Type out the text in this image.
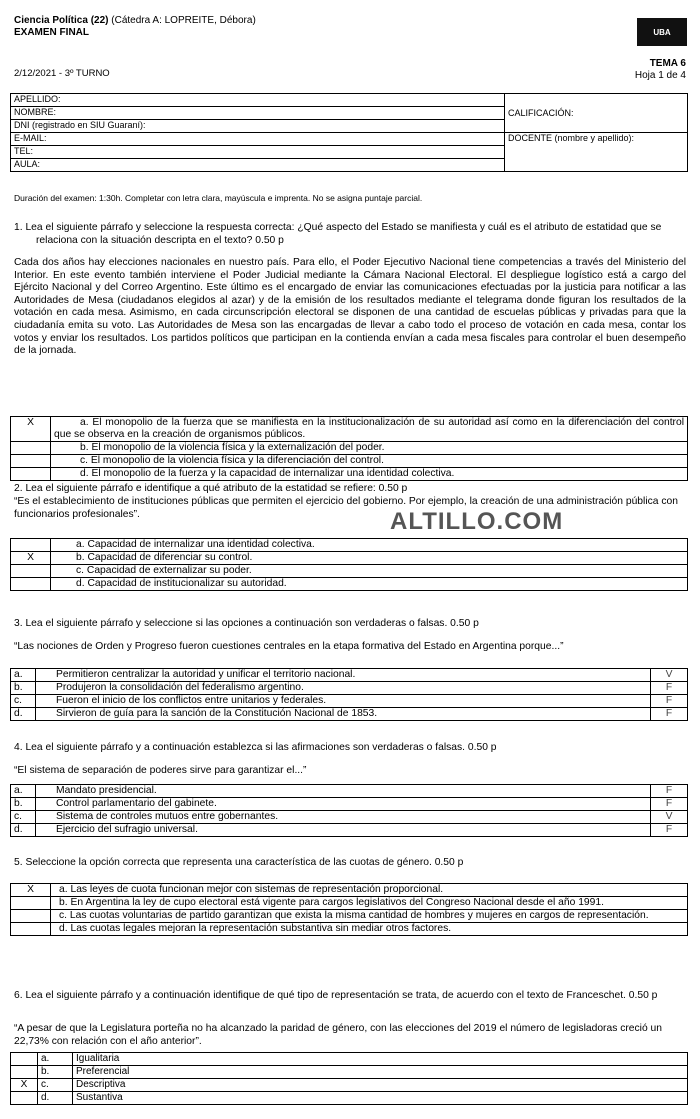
Ciencia Política (22) (Cátedra A: LOPREITE, Débora)
EXAMEN FINAL	UBA
2/12/2021 - 3º TURNO
TEMA 6
Hoja 1 de 4
APELLIDO:	CALIFICACIÓN:
NOMBRE:	
DNI (registrado en SIU Guaraní):	
E-MAIL:	DOCENTE (nombre y apellido):
TEL:	
AULA:	
Duración del examen: 1:30h. Completar con letra clara, mayúscula e imprenta. No se asigna puntaje parcial.
1. Lea el siguiente párrafo y seleccione la respuesta correcta: ¿Qué aspecto del Estado se manifiesta y cuál es el atributo de estatidad que se relaciona con la situación descripta en el texto? 0.50 p
Cada dos años hay elecciones nacionales en nuestro país. Para ello, el Poder Ejecutivo Nacional tiene competencias a través del Ministerio del Interior. En este evento también interviene el Poder Judicial mediante la Cámara Nacional Electoral. El despliegue logístico está a cargo del Ejército Nacional y del Correo Argentino. Este último es el encargado de enviar las comunicaciones efectuadas por la justicia para notificar a las Autoridades de Mesa (ciudadanos elegidos al azar) y de la emisión de los resultados mediante el telegrama donde figuran los resultados de la votación en cada mesa. Asimismo, en cada circunscripción electoral se disponen de una cantidad de escuelas públicas y privadas para que la ciudadanía emita su voto. Las Autoridades de Mesa son las encargadas de llevar a cabo todo el proceso de votación en cada mesa, contar los votos y enviar los resultados. Los partidos políticos que participan en la contienda envían a cada mesa fiscales para controlar el buen desempeño de la jornada.
X	a. El monopolio de la fuerza que se manifiesta en la institucionalización de su autoridad así como en la diferenciación del control que se observa en la creación de organismos públicos.
	b. El monopolio de la violencia física y la externalización del poder.
	c. El monopolio de la violencia física y la diferenciación del control.
	d. El monopolio de la fuerza y la capacidad de internalizar una identidad colectiva.
2. Lea el siguiente párrafo e identifique a qué atributo de la estatidad se refiere: 0.50 p
“Es el establecimiento de instituciones públicas que permiten el ejercicio del gobierno. Por ejemplo, la creación de una administración pública con funcionarios profesionales”.	ALTILLO.COM
	a. Capacidad de internalizar una identidad colectiva.
X	b. Capacidad de diferenciar su control.
	c. Capacidad de externalizar su poder.
	d. Capacidad de institucionalizar su autoridad.
3. Lea el siguiente párrafo y seleccione si las opciones a continuación son verdaderas o falsas. 0.50 p
“Las nociones de Orden y Progreso fueron cuestiones centrales en la etapa formativa del Estado en Argentina porque...”
a.	Permitieron centralizar la autoridad y unificar el territorio nacional.	V
b.	Produjeron la consolidación del federalismo argentino.	F
c.	Fueron el inicio de los conflictos entre unitarios y federales.	F
d.	Sirvieron de guía para la sanción de la Constitución Nacional de 1853.	F
4. Lea el siguiente párrafo y a continuación establezca si las afirmaciones son verdaderas o falsas. 0.50 p
“El sistema de separación de poderes sirve para garantizar el...”
a.	Mandato presidencial.	F
b.	Control parlamentario del gabinete.	F
c.	Sistema de controles mutuos entre gobernantes.	V
d.	Ejercicio del sufragio universal.	F
5. Seleccione la opción correcta que representa una característica de las cuotas de género. 0.50 p
X	a. Las leyes de cuota funcionan mejor con sistemas de representación proporcional.
	b. En Argentina la ley de cupo electoral está vigente para cargos legislativos del Congreso Nacional desde el año 1991.
	c. Las cuotas voluntarias de partido garantizan que exista la misma cantidad de hombres y mujeres en cargos de representación.
	d. Las cuotas legales mejoran la representación substantiva sin mediar otros factores.
6. Lea el siguiente párrafo y a continuación identifique de qué tipo de representación se trata, de acuerdo con el texto de Franceschet. 0.50 p
“A pesar de que la Legislatura porteña no ha alcanzado la paridad de género, con las elecciones del 2019 el número de legisladoras creció un 22,73% con relación con el año anterior”.
	a.	Igualitaria
	b.	Preferencial
X	c.	Descriptiva
	d.	Sustantiva
